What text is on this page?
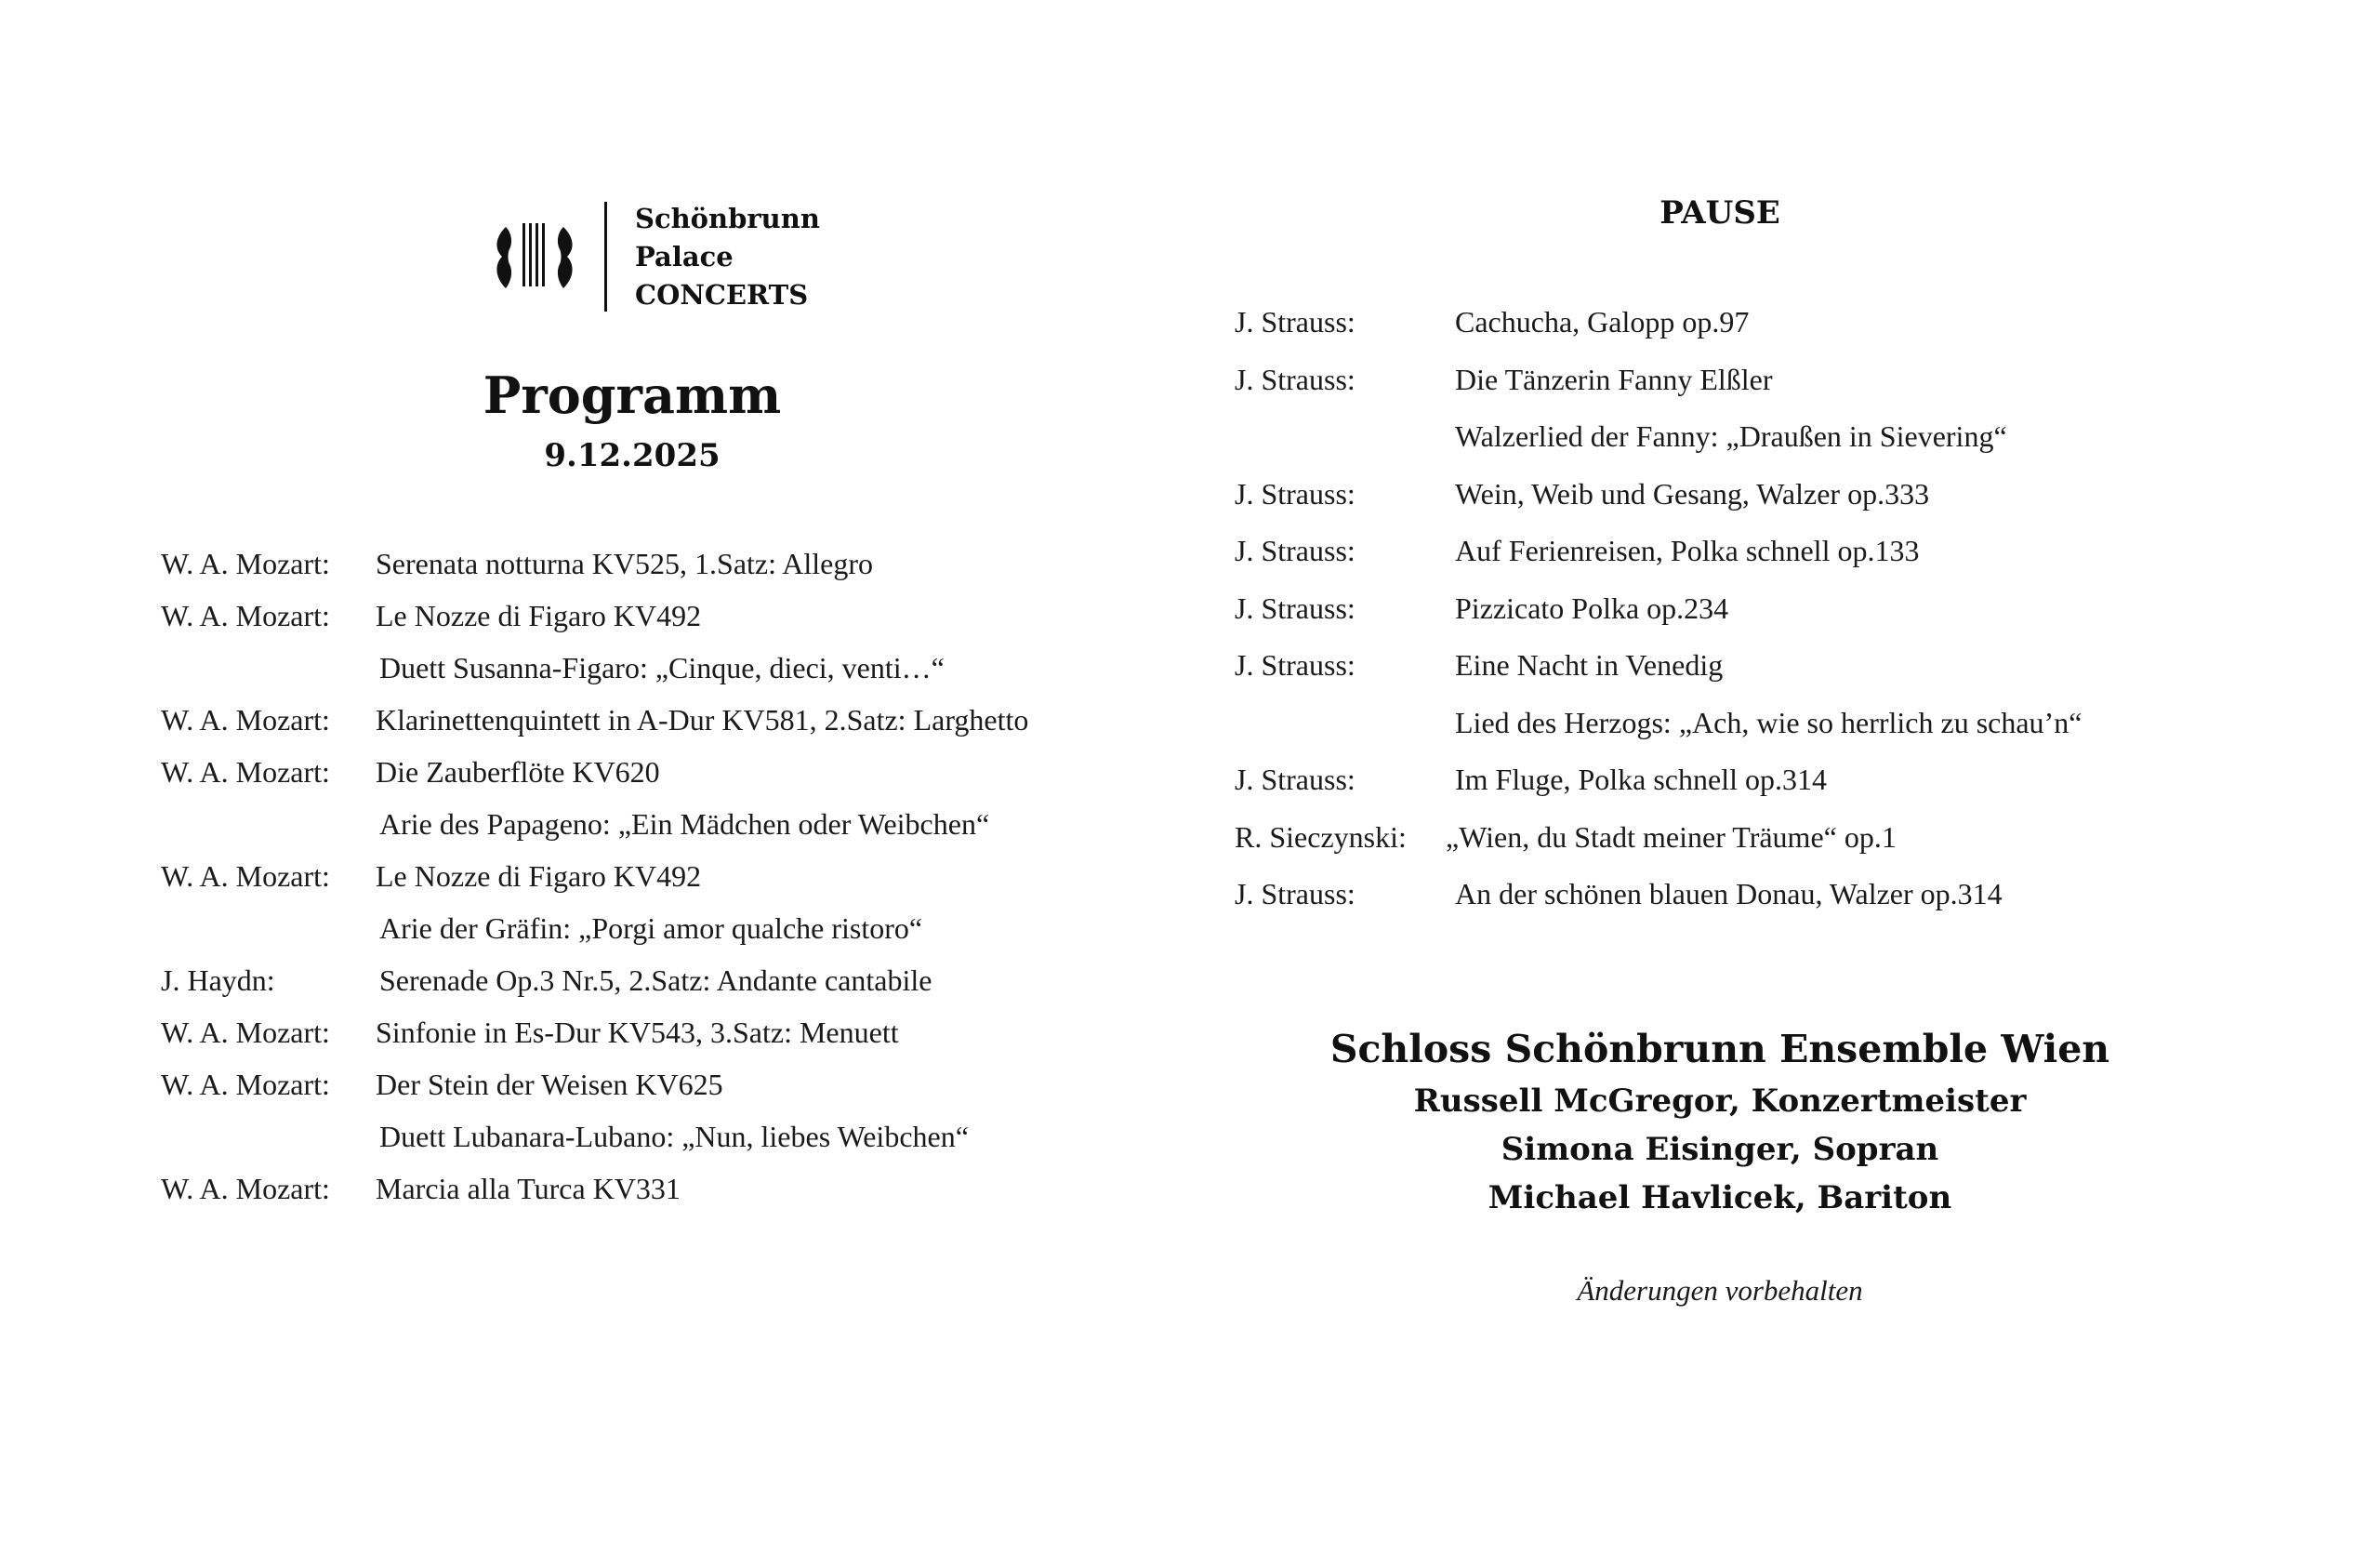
Schönbrunn
Palace
CONCERTS
Programm
9.12.2025
W. A. Mozart: Serenata notturna KV525, 1.Satz: Allegro
W. A. Mozart: Le Nozze di Figaro KV492
Duett Susanna-Figaro: „Cinque, dieci, venti…“
W. A. Mozart: Klarinettenquintett in A-Dur KV581, 2.Satz: Larghetto
W. A. Mozart: Die Zauberflöte KV620
Arie des Papageno: „Ein Mädchen oder Weibchen“
W. A. Mozart: Le Nozze di Figaro KV492
Arie der Gräfin: „Porgi amor qualche ristoro“
J. Haydn:	Serenade Op.3 Nr.5, 2.Satz: Andante cantabile
W. A. Mozart: Sinfonie in Es-Dur KV543, 3.Satz: Menuett
W. A. Mozart: Der Stein der Weisen KV625
Duett Lubanara-Lubano: „Nun, liebes Weibchen“
W. A. Mozart: Marcia alla Turca KV331
PAUSE
J. Strauss:	Cachucha, Galopp op.97
J. Strauss:	Die Tänzerin Fanny Elßler
Walzerlied der Fanny: „Draußen in Sievering“
J. Strauss:	Wein, Weib und Gesang, Walzer op.333
J. Strauss:	Auf Ferienreisen, Polka schnell op.133
J. Strauss:	Pizzicato Polka op.234
J. Strauss:	Eine Nacht in Venedig
Lied des Herzogs: „Ach, wie so herrlich zu schau’n“
J. Strauss:	Im Fluge, Polka schnell op.314
R. Sieczynski: „Wien, du Stadt meiner Träume“ op.1
J. Strauss:	An der schönen blauen Donau, Walzer op.314
Schloss Schönbrunn Ensemble Wien
Russell McGregor, Konzertmeister
Simona Eisinger, Sopran
Michael Havlicek, Bariton
Änderungen vorbehalten
